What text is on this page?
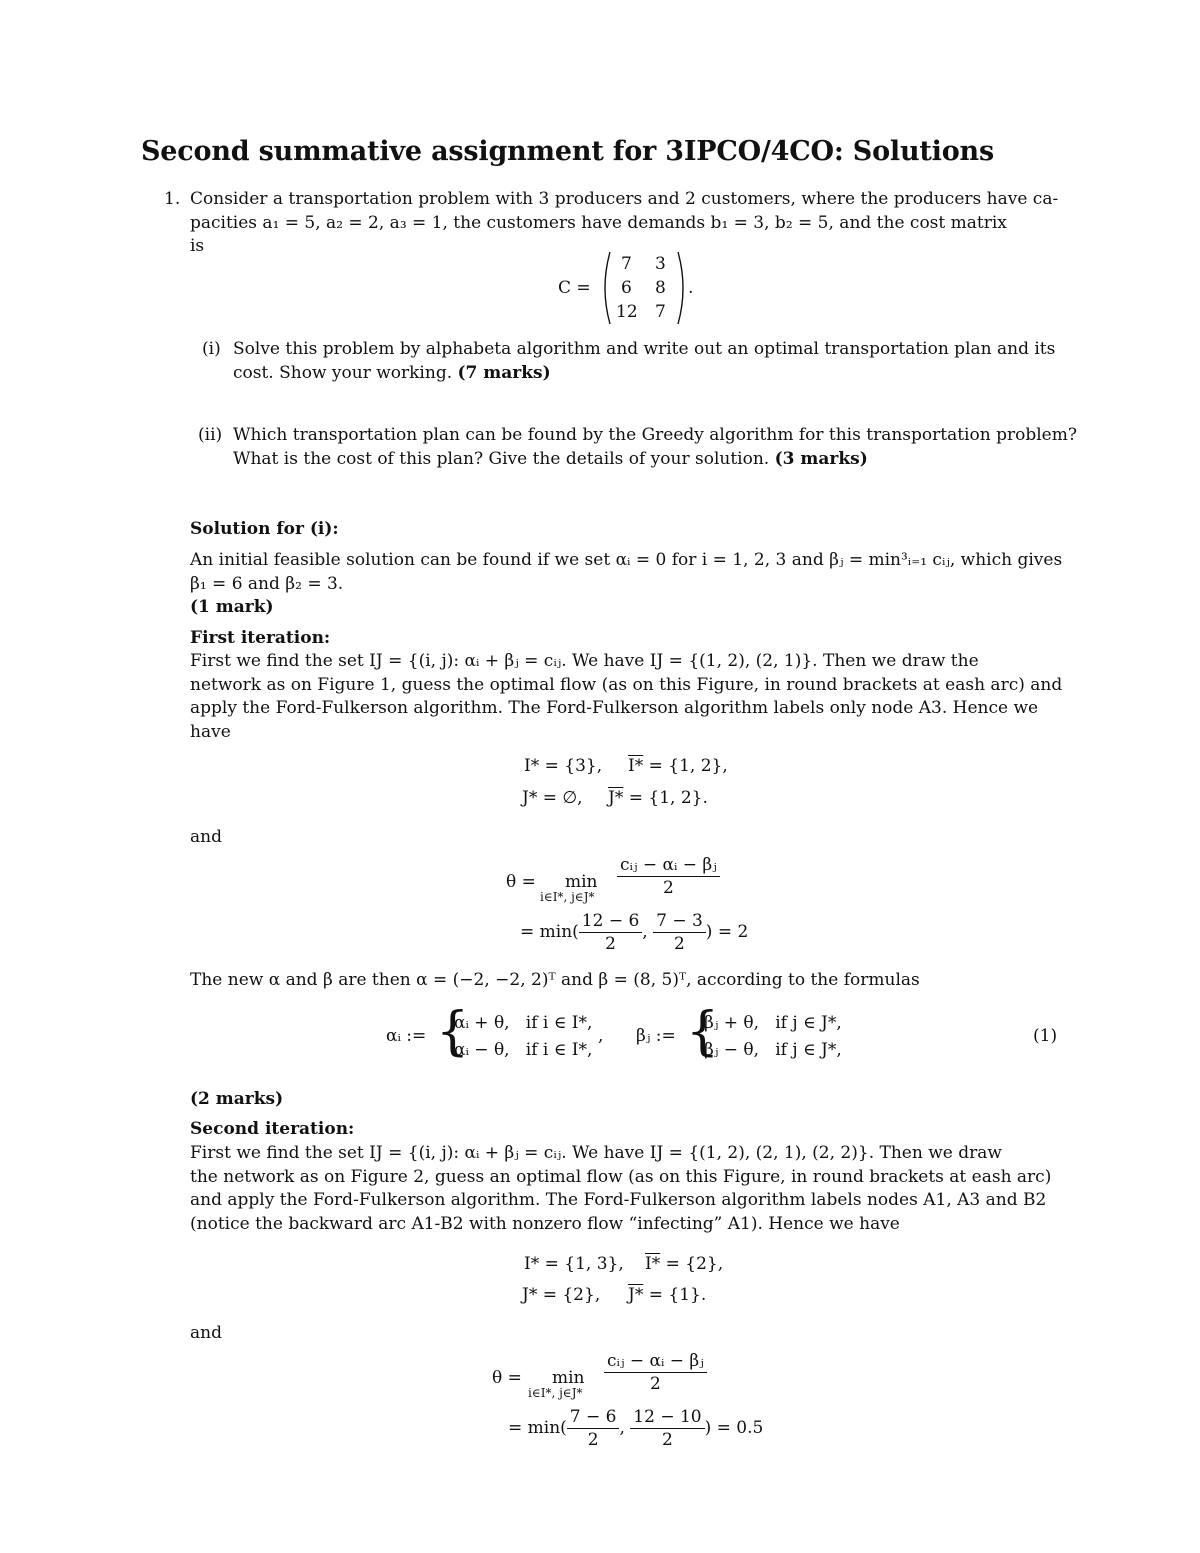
Second summative assignment for 3IPCO/4CO: Solutions
1. Consider a transportation problem with 3 producers and 2 customers, where the producers have ca-
pacities a₁ = 5, a₂ = 2, a₃ = 1, the customers have demands b₁ = 3, b₂ = 5, and the cost matrix
is
C =
7 3
6 8
12 7
.
(i) Solve this problem by alphabeta algorithm and write out an optimal transportation plan and its
cost. Show your working. (7 marks)
(ii) Which transportation plan can be found by the Greedy algorithm for this transportation problem?
What is the cost of this plan? Give the details of your solution. (3 marks)
Solution for (i):
An initial feasible solution can be found if we set αᵢ = 0 for i = 1, 2, 3 and βⱼ = min³ᵢ₌₁ cᵢⱼ, which gives
β₁ = 6 and β₂ = 3.
(1 mark)
First iteration:
First we find the set IJ = {(i, j): αᵢ + βⱼ = cᵢⱼ. We have IJ = {(1, 2), (2, 1)}. Then we draw the
network as on Figure 1, guess the optimal flow (as on this Figure, in round brackets at eash arc) and
apply the Ford-Fulkerson algorithm. The Ford-Fulkerson algorithm labels only node A3. Hence we
have
I* = {3}, I* = {1, 2},
J* = ∅, J* = {1, 2}.
and
θ = min
i∈I*, j∈J* $\frac{\text{cᵢⱼ − αᵢ − βⱼ}}{2}$
= $\min( \frac{12 - 6}{2}$ , $\frac{7 - 3}{2}$ ) = 2
The new α and β are then α = (−2, −2, 2)ᵀ and β = (8, 5)ᵀ, according to the formulas
αᵢ := {
αᵢ + θ,   if i ∈ I*,
αᵢ − θ,   if i ∈ I*,
, βⱼ := {
βⱼ + θ,   if j ∈ J*,
βⱼ − θ,   if j ∈ J*,
(1)
(2 marks)
Second iteration:
First we find the set IJ = {(i, j): αᵢ + βⱼ = cᵢⱼ. We have IJ = {(1, 2), (2, 1), (2, 2)}. Then we draw
the network as on Figure 2, guess an optimal flow (as on this Figure, in round brackets at eash arc)
and apply the Ford-Fulkerson algorithm. The Ford-Fulkerson algorithm labels nodes A1, A3 and B2
(notice the backward arc A1-B2 with nonzero flow “infecting” A1). Hence we have
I* = {1, 3}, I* = {2},
J* = {2}, J* = {1}.
and
θ = min
i∈I*, j∈J* $\frac{\text{cᵢⱼ − αᵢ − βⱼ}}{2}$
= $\min( \frac{7 - 6}{2}$ , $\frac{12 - 10}{2}$ ) = 0.5
